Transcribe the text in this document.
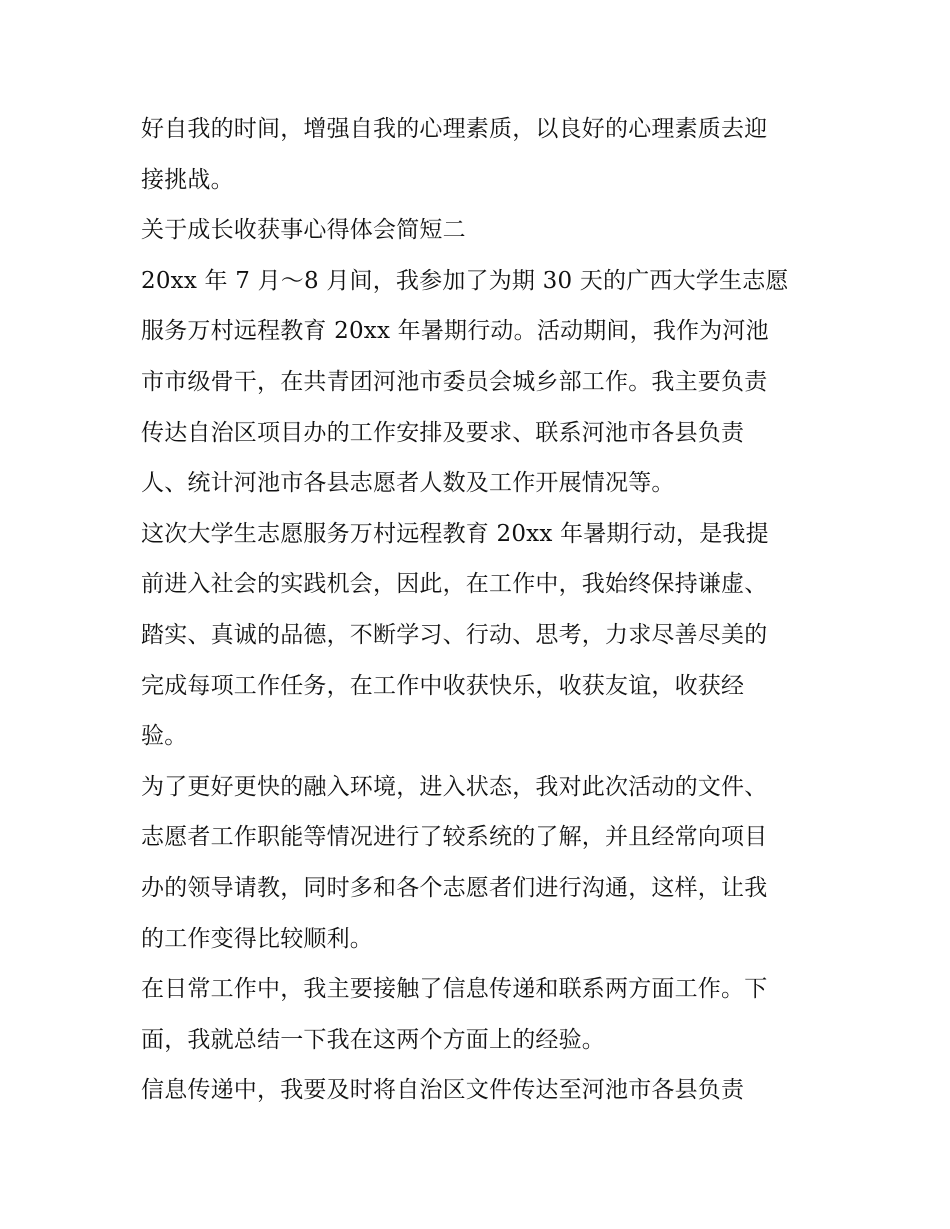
好自我的时间，增强自我的心理素质，以良好的心理素质去迎
接挑战。
关于成长收获事心得体会简短二
20xx 年 7 月～8 月间，我参加了为期 30 天的广西大学生志愿
服务万村远程教育 20xx 年暑期行动。活动期间，我作为河池
市市级骨干，在共青团河池市委员会城乡部工作。我主要负责
传达自治区项目办的工作安排及要求、联系河池市各县负责
人、统计河池市各县志愿者人数及工作开展情况等。
这次大学生志愿服务万村远程教育 20xx 年暑期行动，是我提
前进入社会的实践机会，因此，在工作中，我始终保持谦虚、
踏实、真诚的品德，不断学习、行动、思考，力求尽善尽美的
完成每项工作任务，在工作中收获快乐，收获友谊，收获经
验。
为了更好更快的融入环境，进入状态，我对此次活动的文件、
志愿者工作职能等情况进行了较系统的了解，并且经常向项目
办的领导请教，同时多和各个志愿者们进行沟通，这样，让我
的工作变得比较顺利。
在日常工作中，我主要接触了信息传递和联系两方面工作。下
面，我就总结一下我在这两个方面上的经验。
信息传递中，我要及时将自治区文件传达至河池市各县负责
